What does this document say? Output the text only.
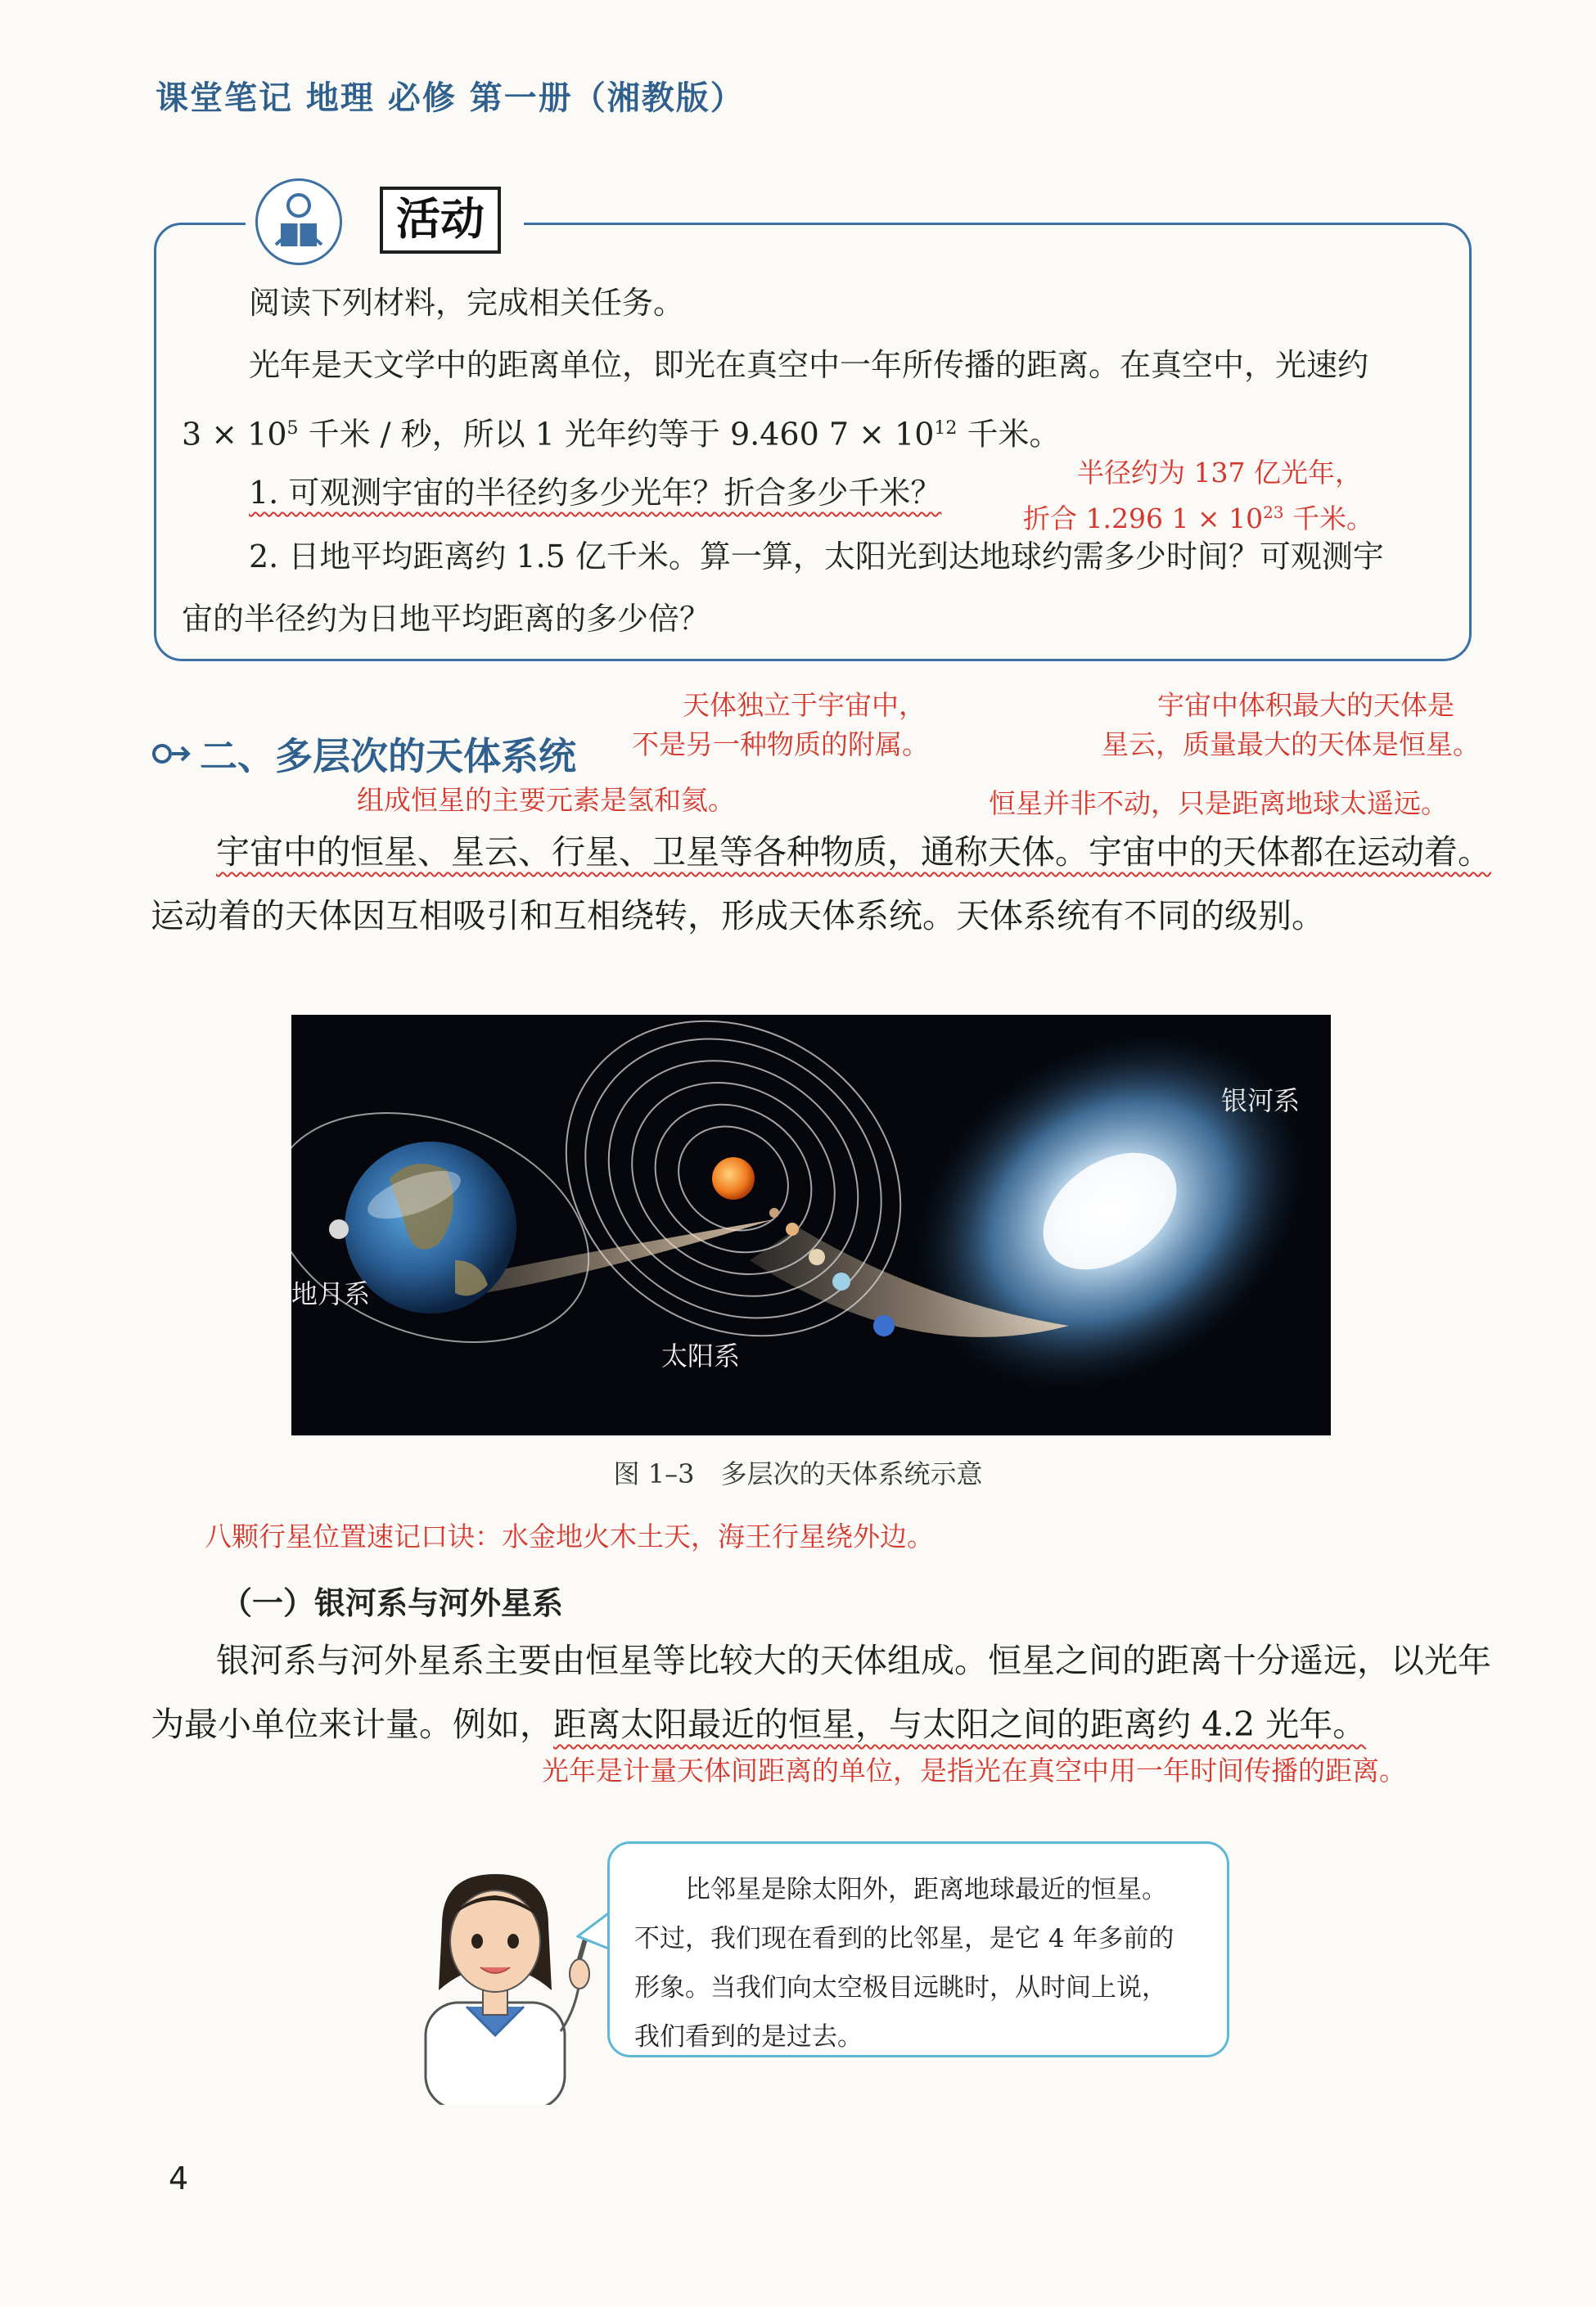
课堂笔记 地理 必修 第一册（湘教版）
活动
阅读下列材料，完成相关任务。
光年是天文学中的距离单位，即光在真空中一年所传播的距离。在真空中，光速约
$3 \times 10^5$ 千米 / 秒，所以 1 光年约等于 9.460 $7 \times 10^{12}$ 千米。
1. 可观测宇宙的半径约多少光年？折合多少千米？
半径约为 137 亿光年，
折合 1.296 $1 \times 10^{23}$ 千米。
2. 日地平均距离约 1.5 亿千米。算一算，太阳光到达地球约需多少时间？可观测宇
宙的半径约为日地平均距离的多少倍？
二、多层次的天体系统
天体独立于宇宙中，
不是另一种物质的附属。
宇宙中体积最大的天体是
星云，质量最大的天体是恒星。
组成恒星的主要元素是氢和氦。	恒星并非不动，只是距离地球太遥远。
宇宙中的恒星、星云、行星、卫星等各种物质，通称天体。宇宙中的天体都在运动着。
运动着的天体因互相吸引和互相绕转，形成天体系统。天体系统有不同的级别。
银河系
地月系
太阳系
图 1–3　多层次的天体系统示意
八颗行星位置速记口诀：水金地火木土天，海王行星绕外边。
（一）银河系与河外星系
银河系与河外星系主要由恒星等比较大的天体组成。恒星之间的距离十分遥远，以光年
为最小单位来计量。例如，距离太阳最近的恒星，与太阳之间的距离约 4.2 光年。
光年是计量天体间距离的单位，是指光在真空中用一年时间传播的距离。
比邻星是除太阳外，距离地球最近的恒星。
不过，我们现在看到的比邻星，是它 4 年多前的
形象。当我们向太空极目远眺时，从时间上说，
我们看到的是过去。
4
